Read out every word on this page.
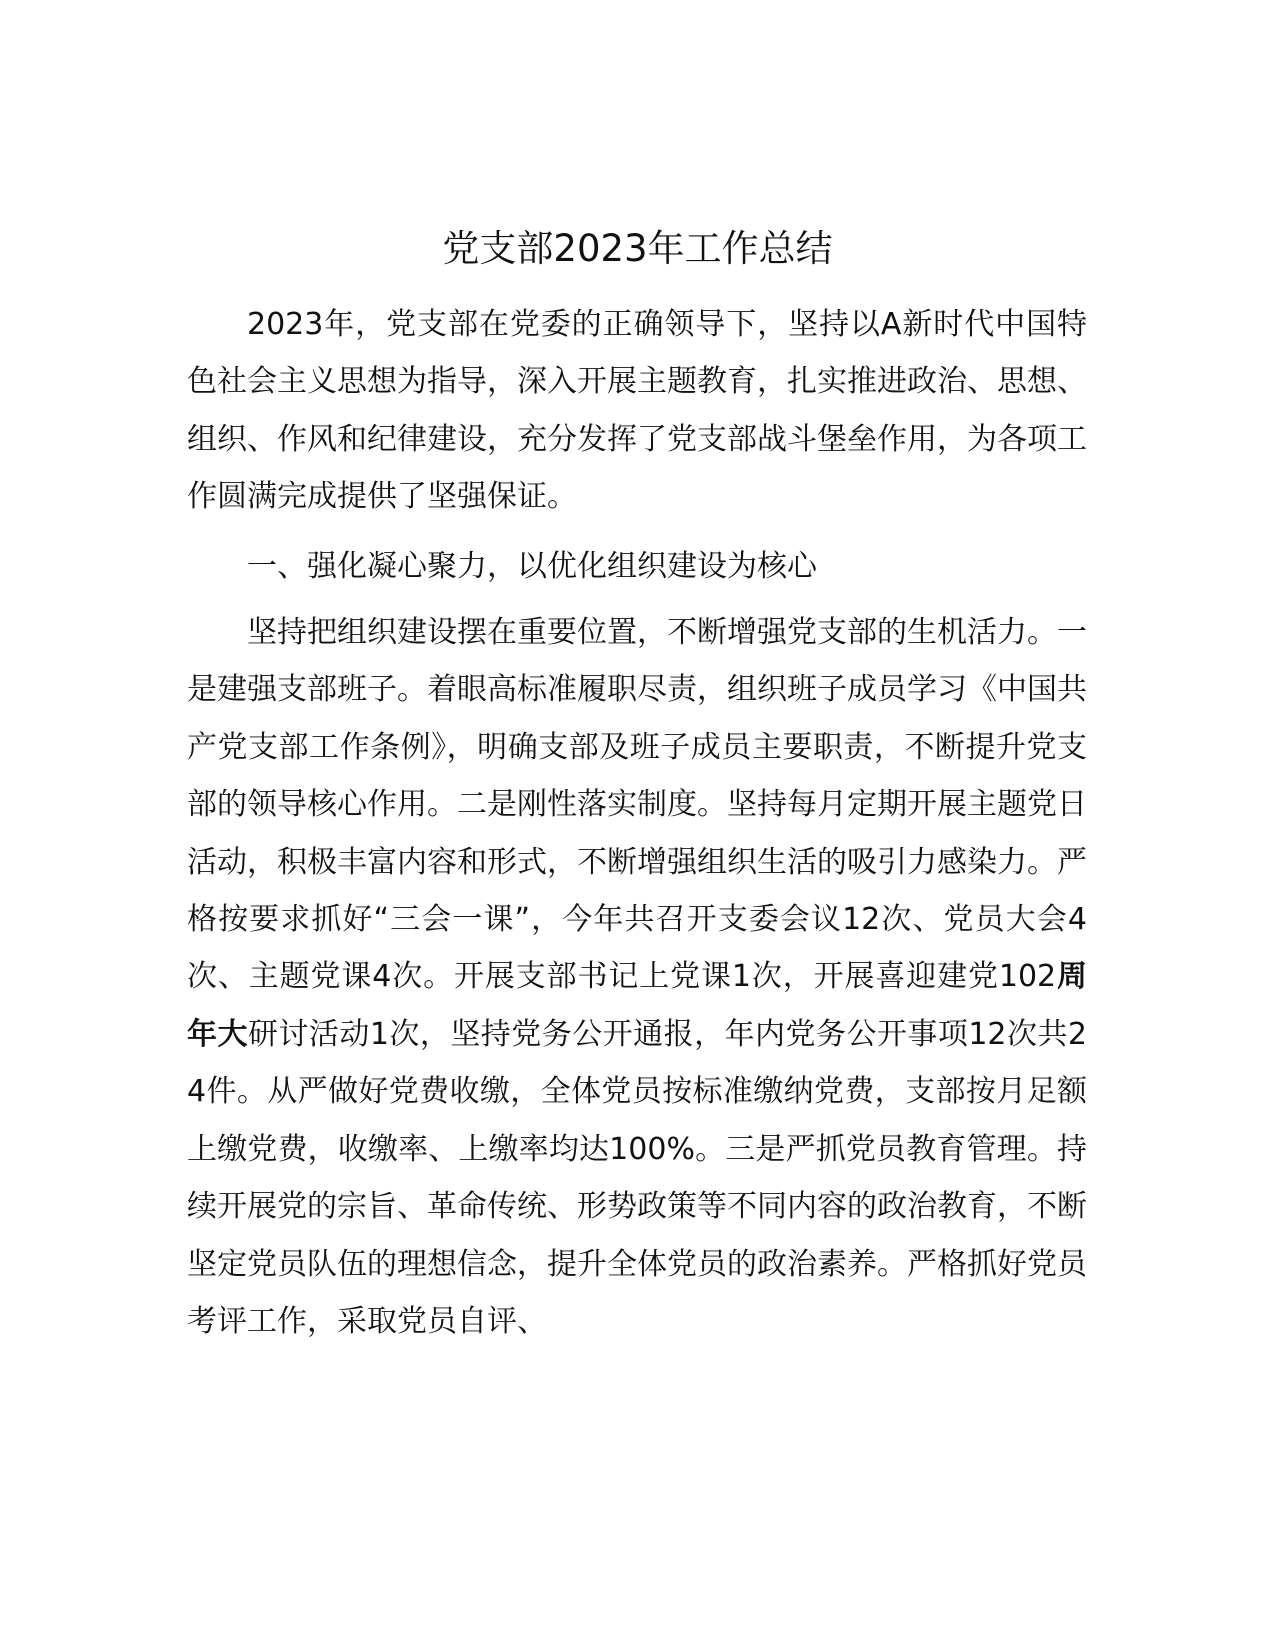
党支部2023年工作总结

2023年，党支部在党委的正确领导下，坚持以A新时代中国特色社会主义思想为指导，深入开展主题教育，扎实推进政治、思想、组织、作风和纪律建设，充分发挥了党支部战斗堡垒作用，为各项工作圆满完成提供了坚强保证。

一、强化凝心聚力，以优化组织建设为核心

坚持把组织建设摆在重要位置，不断增强党支部的生机活力。一是建强支部班子。着眼高标准履职尽责，组织班子成员学习《中国共产党支部工作条例》，明确支部及班子成员主要职责，不断提升党支部的领导核心作用。二是刚性落实制度。坚持每月定期开展主题党日活动，积极丰富内容和形式，不断增强组织生活的吸引力感染力。严格按要求抓好“三会一课”，今年共召开支委会议12次、党员大会4次、主题党课4次。开展支部书记上党课1次，开展喜迎建党102周年大研讨活动1次，坚持党务公开通报，年内党务公开事项12次共24件。从严做好党费收缴，全体党员按标准缴纳党费，支部按月足额上缴党费，收缴率、上缴率均达100%。三是严抓党员教育管理。持续开展党的宗旨、革命传统、形势政策等不同内容的政治教育，不断坚定党员队伍的理想信念，提升全体党员的政治素养。严格抓好党员考评工作，采取党员自评、
